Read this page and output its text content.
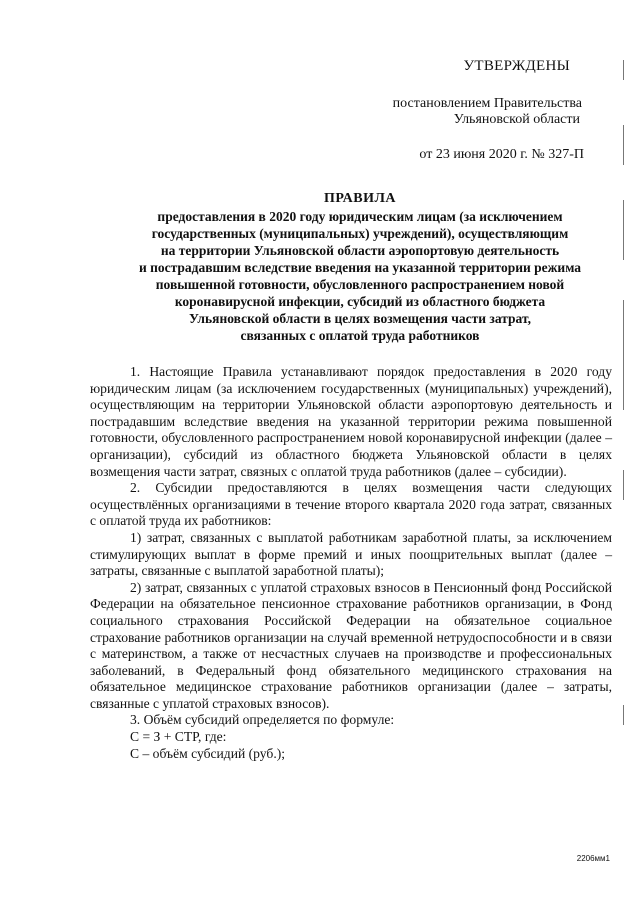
УТВЕРЖДЕНЫ
постановлением Правительства
Ульяновской области
от 23 июня 2020 г. № 327-П
ПРАВИЛА
предоставления в 2020 году юридическим лицам (за исключением
государственных (муниципальных) учреждений), осуществляющим
на территории Ульяновской области аэропортовую деятельность
и пострадавшим вследствие введения на указанной территории режима
повышенной готовности, обусловленного распространением новой
коронавирусной инфекции, субсидий из областного бюджета
Ульяновской области в целях возмещения части затрат,
связанных с оплатой труда работников

1. Настоящие Правила устанавливают порядок предоставления в 2020 году юридическим лицам (за исключением государственных (муниципальных) учреждений), осуществляющим на территории Ульяновской области аэропортовую деятельность и пострадавшим вследствие введения на указанной территории режима повышенной готовности, обусловленного распространением новой коронавирусной инфекции (далее – организации), субсидий из областного бюджета Ульяновской области в целях возмещения части затрат, связных с оплатой труда работников (далее – субсидии).

2. Субсидии предоставляются в целях возмещения части следующих осуществлённых организациями в течение второго квартала 2020 года затрат, связанных с оплатой труда их работников:

1) затрат, связанных с выплатой работникам заработной платы, за исключением стимулирующих выплат в форме премий и иных поощрительных выплат (далее – затраты, связанные с выплатой заработной платы);

2) затрат, связанных с уплатой страховых взносов в Пенсионный фонд Российской Федерации на обязательное пенсионное страхование работников организации, в Фонд социального страхования Российской Федерации на обязательное социальное страхование работников организации на случай временной нетрудоспособности и в связи с материнством, а также от несчастных случаев на производстве и профессиональных заболеваний, в Федеральный фонд обязательного медицинского страхования на обязательное медицинское страхование работников организации (далее – затраты, связанные с уплатой страховых взносов).

3. Объём субсидий определяется по формуле:

С = З + СТР, где:

С – объём субсидий (руб.);

2206мм1
